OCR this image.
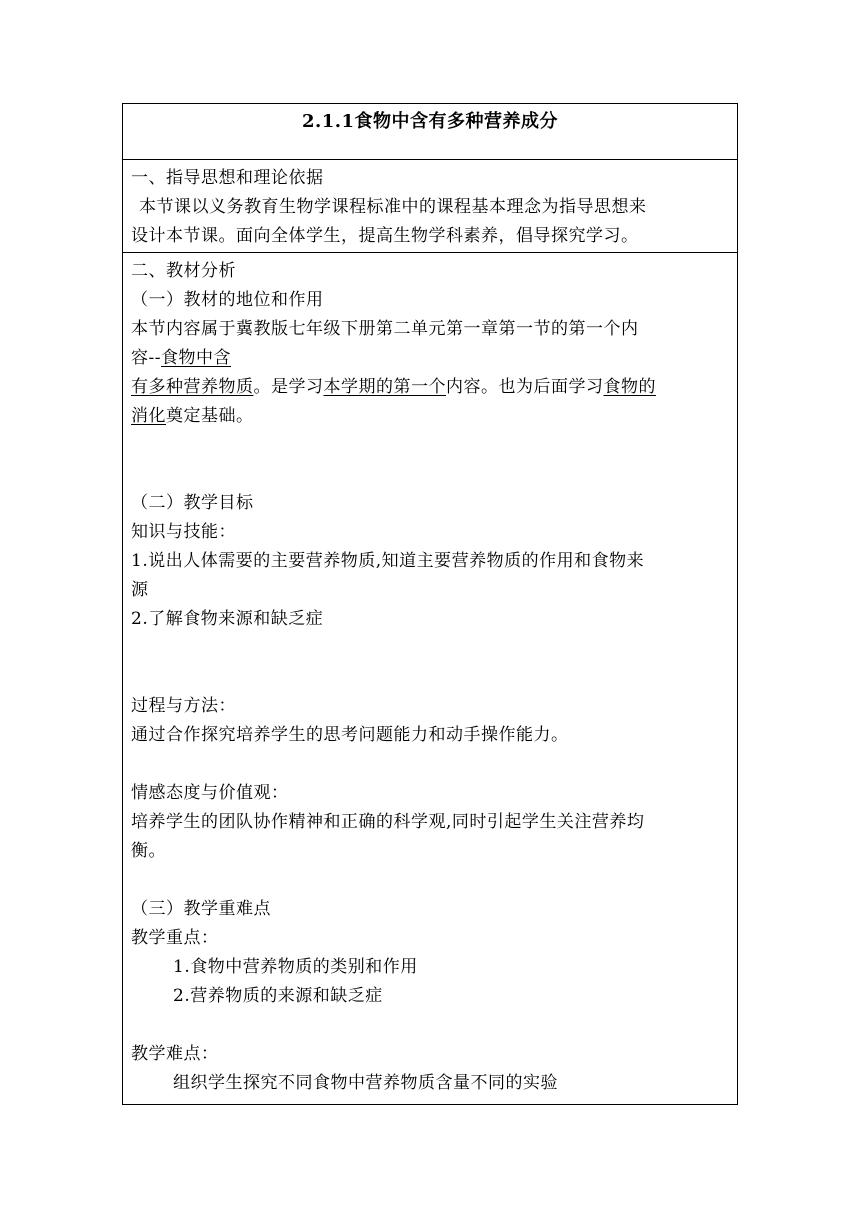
2.1.1食物中含有多种营养成分
一、指导思想和理论依据
本节课以义务教育生物学课程标准中的课程基本理念为指导思想来
设计本节课。面向全体学生，提高生物学科素养，倡导探究学习。
二、教材分析
（一）教材的地位和作用
本节内容属于冀教版七年级下册第二单元第一章第一节的第一个内
容--食物中含
有多种营养物质。是学习本学期的第一个内容。也为后面学习食物的
消化奠定基础。
（二）教学目标
知识与技能：
1.说出人体需要的主要营养物质,知道主要营养物质的作用和食物来
源
2.了解食物来源和缺乏症
过程与方法：
通过合作探究培养学生的思考问题能力和动手操作能力。
情感态度与价值观：
培养学生的团队协作精神和正确的科学观,同时引起学生关注营养均
衡。
（三）教学重难点
教学重点：
1.食物中营养物质的类别和作用
2.营养物质的来源和缺乏症
教学难点：
组织学生探究不同食物中营养物质含量不同的实验
